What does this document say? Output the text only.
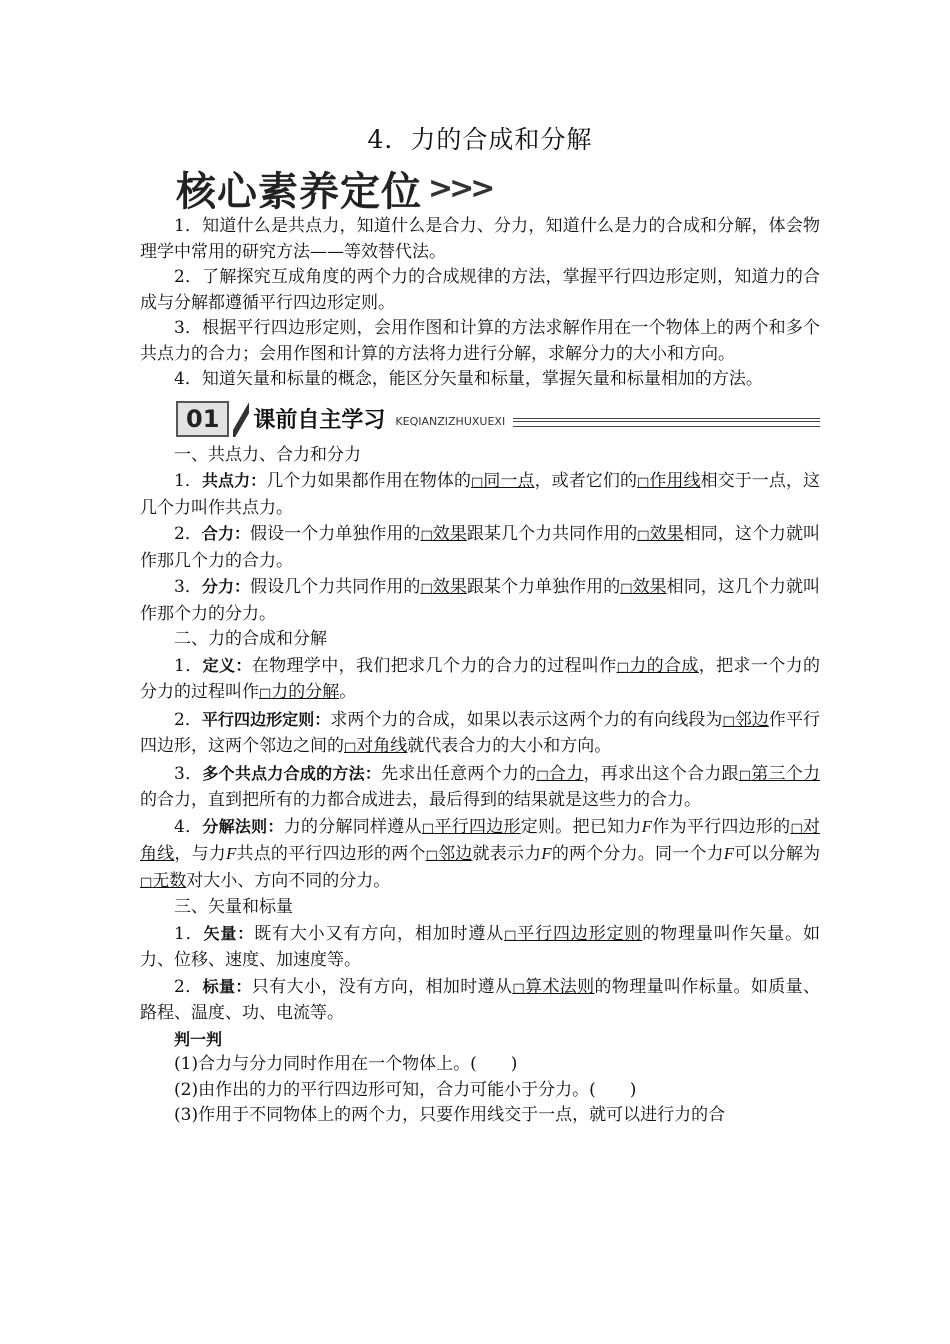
4．力的合成和分解
核心素养定位 >>>

1．知道什么是共点力，知道什么是合力、分力，知道什么是力的合成和分解，体会物理学中常用的研究方法——等效替代法。

2．了解探究互成角度的两个力的合成规律的方法，掌握平行四边形定则，知道力的合成与分解都遵循平行四边形定则。

3．根据平行四边形定则，会用作图和计算的方法求解作用在一个物体上的两个和多个共点力的合力；会用作图和计算的方法将力进行分解，求解分力的大小和方向。

4．知道矢量和标量的概念，能区分矢量和标量，掌握矢量和标量相加的方法。

01	课前自主学习 KEQIANZIZHUXUEXI

一、共点力、合力和分力

1．共点力：几个力如果都作用在物体的 □ 同一点，或者它们的 □ 作用线相交于一点，这几个力叫作共点力。

2．合力：假设一个力单独作用的 □ 效果跟某几个力共同作用的 □ 效果相同，这个力就叫作那几个力的合力。

3．分力：假设几个力共同作用的 □ 效果跟某个力单独作用的 □ 效果相同，这几个力就叫作那个力的分力。

二、力的合成和分解

1．定义：在物理学中，我们把求几个力的合力的过程叫作 □ 力的合成，把求一个力的分力的过程叫作 □ 力的分解。

2．平行四边形定则：求两个力的合成，如果以表示这两个力的有向线段为 □ 邻边作平行四边形，这两个邻边之间的 □ 对角线就代表合力的大小和方向。

3．多个共点力合成的方法：先求出任意两个力的 □ 合力，再求出这个合力跟 □ 第三个力的合力，直到把所有的力都合成进去，最后得到的结果就是这些力的合力。

4．分解法则：力的分解同样遵从 □ 平行四边形定则。把已知力F作为平行四边形的 □ 对角线，与力F共点的平行四边形的两个 □ 邻边就表示力F的两个分力。同一个力F可以分解为□ 无数对大小、方向不同的分力。

三、矢量和标量

1．矢量：既有大小又有方向，相加时遵从 □ 平行四边形定则的物理量叫作矢量。如力、位移、速度、加速度等。

2．标量：只有大小，没有方向，相加时遵从 □ 算术法则的物理量叫作标量。如质量、路程、温度、功、电流等。

判一判

(1)合力与分力同时作用在一个物体上。(　　)

(2)由作出的力的平行四边形可知，合力可能小于分力。(　　)

(3)作用于不同物体上的两个力，只要作用线交于一点，就可以进行力的合
